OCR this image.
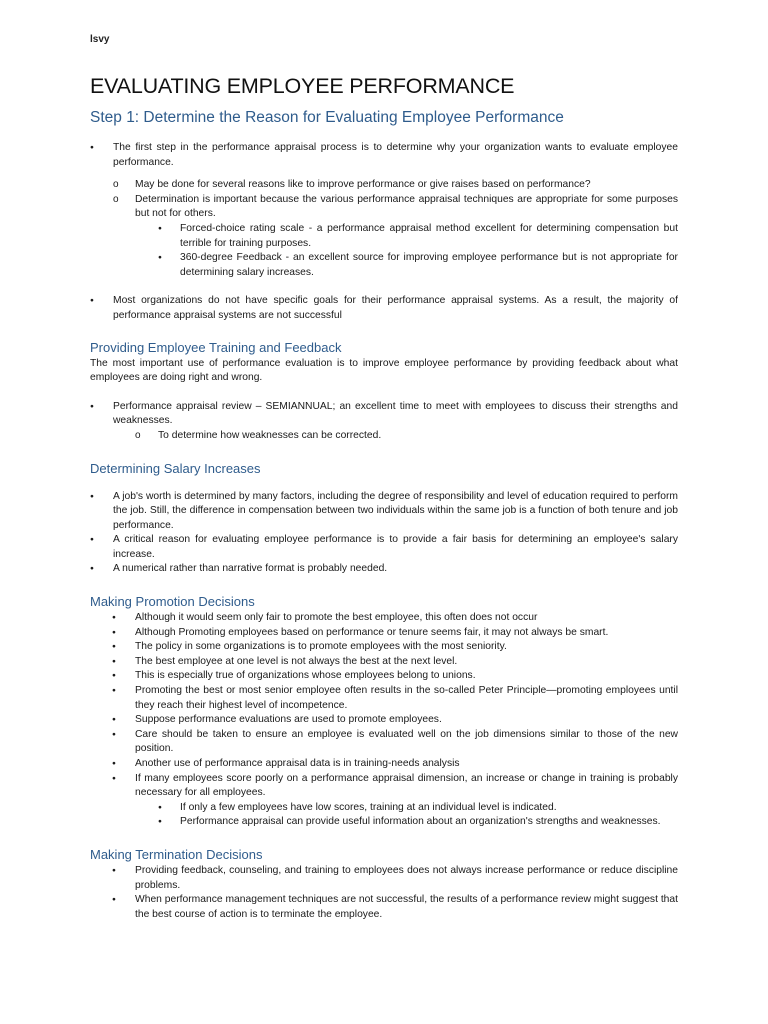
lsvy
EVALUATING EMPLOYEE PERFORMANCE
Step 1: Determine the Reason for Evaluating Employee Performance
● The first step in the performance appraisal process is to determine why your organization wants to evaluate employee performance.
o May be done for several reasons like to improve performance or give raises based on performance?
o Determination is important because the various performance appraisal techniques are appropriate for some purposes but not for others.
● Forced-choice rating scale - a performance appraisal method excellent for determining compensation but terrible for training purposes.
● 360-degree Feedback - an excellent source for improving employee performance but is not appropriate for determining salary increases.
● Most organizations do not have specific goals for their performance appraisal systems. As a result, the majority of performance appraisal systems are not successful
Providing Employee Training and Feedback

The most important use of performance evaluation is to improve employee performance by providing feedback about what employees are doing right and wrong.

● Performance appraisal review – SEMIANNUAL; an excellent time to meet with employees to discuss their strengths and weaknesses.
o To determine how weaknesses can be corrected.
Determining Salary Increases
● A job's worth is determined by many factors, including the degree of responsibility and level of education required to perform the job. Still, the difference in compensation between two individuals within the same job is a function of both tenure and job performance.
● A critical reason for evaluating employee performance is to provide a fair basis for determining an employee's salary increase.
● A numerical rather than narrative format is probably needed.
Making Promotion Decisions
● Although it would seem only fair to promote the best employee, this often does not occur
● Although Promoting employees based on performance or tenure seems fair, it may not always be smart.
● The policy in some organizations is to promote employees with the most seniority.
● The best employee at one level is not always the best at the next level.
● This is especially true of organizations whose employees belong to unions.
● Promoting the best or most senior employee often results in the so-called Peter Principle—promoting employees until they reach their highest level of incompetence.
● Suppose performance evaluations are used to promote employees.
● Care should be taken to ensure an employee is evaluated well on the job dimensions similar to those of the new position.
● Another use of performance appraisal data is in training-needs analysis
● If many employees score poorly on a performance appraisal dimension, an increase or change in training is probably necessary for all employees.
● If only a few employees have low scores, training at an individual level is indicated.
● Performance appraisal can provide useful information about an organization's strengths and weaknesses.
Making Termination Decisions
● Providing feedback, counseling, and training to employees does not always increase performance or reduce discipline problems.
● When performance management techniques are not successful, the results of a performance review might suggest that the best course of action is to terminate the employee.
